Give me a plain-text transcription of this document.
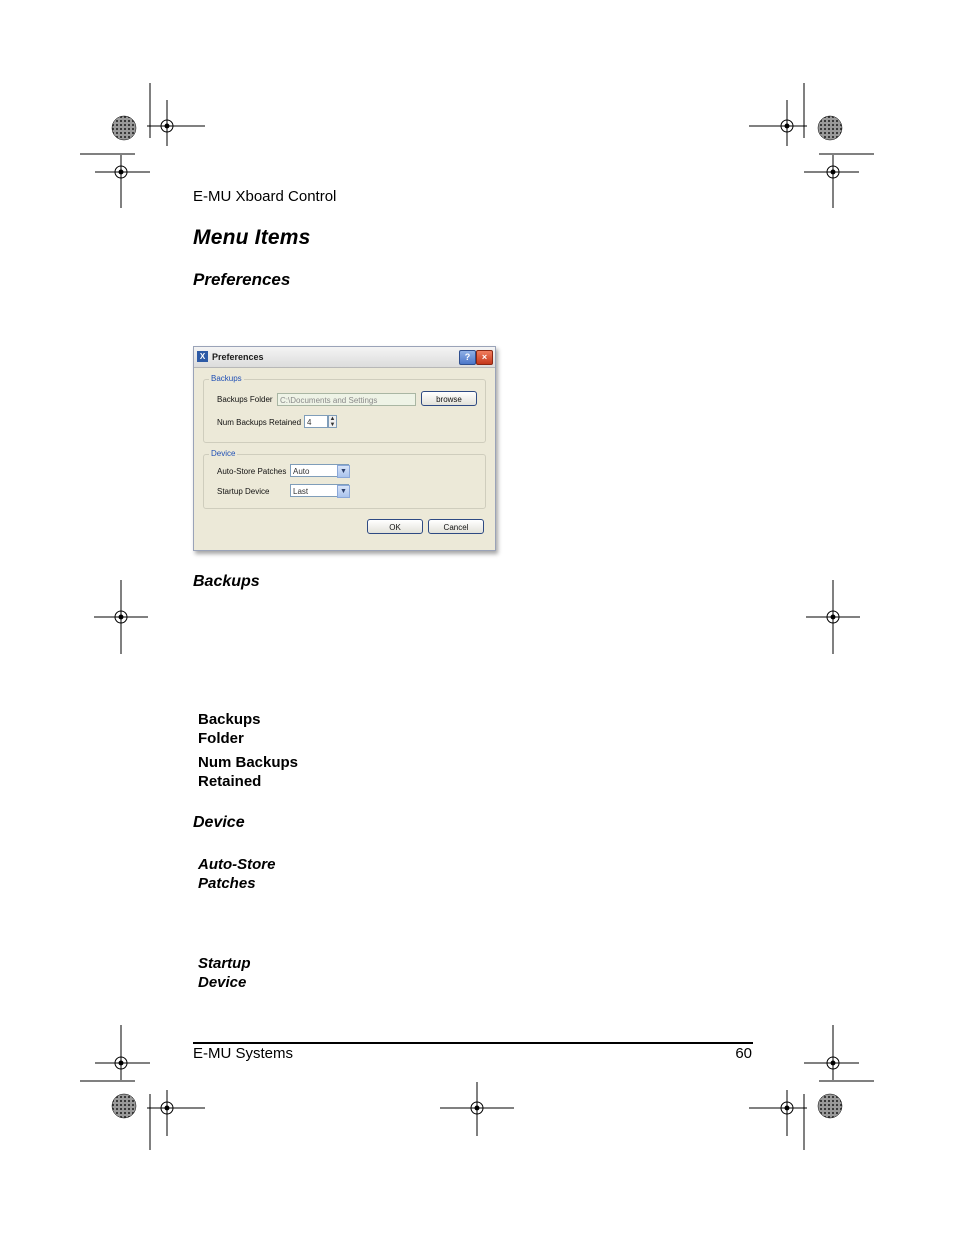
E-MU Xboard Control
Menu Items
Preferences
X Preferences	?	×
Backups
Backups Folder C:\Documents and Settings	browse
Num Backups Retained 4	▲
▼
Device
Auto-Store Patches Auto	▼
Startup Device	Last	▼
OK	Cancel
Backups
Backups
Folder
Num Backups
Retained
Device
Auto-Store
Patches
Startup
Device
E-MU Systems	60
